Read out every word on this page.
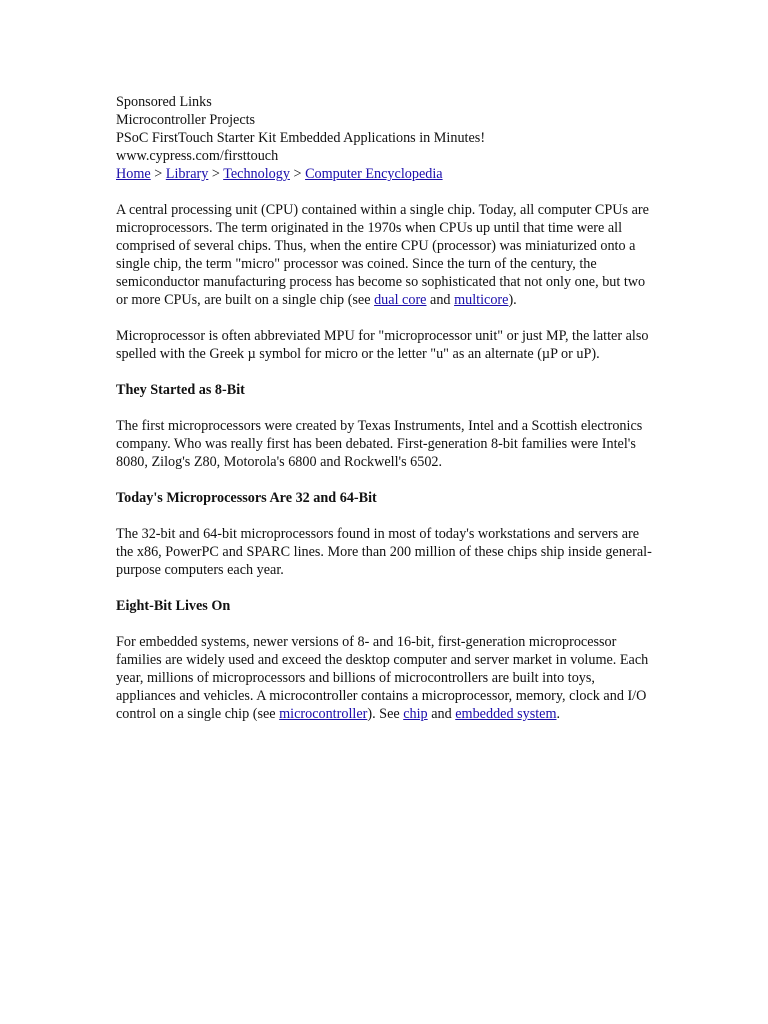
Sponsored Links
Microcontroller Projects
PSoC FirstTouch Starter Kit Embedded Applications in Minutes!
www.cypress.com/firsttouch
Home > Library > Technology > Computer Encyclopedia

A central processing unit (CPU) contained within a single chip. Today, all computer CPUs are microprocessors. The term originated in the 1970s when CPUs up until that time were all comprised of several chips. Thus, when the entire CPU (processor) was miniaturized onto a single chip, the term "micro" processor was coined. Since the turn of the century, the semiconductor manufacturing process has become so sophisticated that not only one, but two or more CPUs, are built on a single chip (see dual core and multicore).

Microprocessor is often abbreviated MPU for "microprocessor unit" or just MP, the latter also spelled with the Greek µ symbol for micro or the letter "u" as an alternate (µP or uP).

They Started as 8-Bit

The first microprocessors were created by Texas Instruments, Intel and a Scottish electronics company. Who was really first has been debated. First-generation 8-bit families were Intel's 8080, Zilog's Z80, Motorola's 6800 and Rockwell's 6502.

Today's Microprocessors Are 32 and 64-Bit

The 32-bit and 64-bit microprocessors found in most of today's workstations and servers are the x86, PowerPC and SPARC lines. More than 200 million of these chips ship inside general-purpose computers each year.

Eight-Bit Lives On

For embedded systems, newer versions of 8- and 16-bit, first-generation microprocessor families are widely used and exceed the desktop computer and server market in volume. Each year, millions of microprocessors and billions of microcontrollers are built into toys, appliances and vehicles. A microcontroller contains a microprocessor, memory, clock and I/O control on a single chip (see microcontroller). See chip and embedded system.
